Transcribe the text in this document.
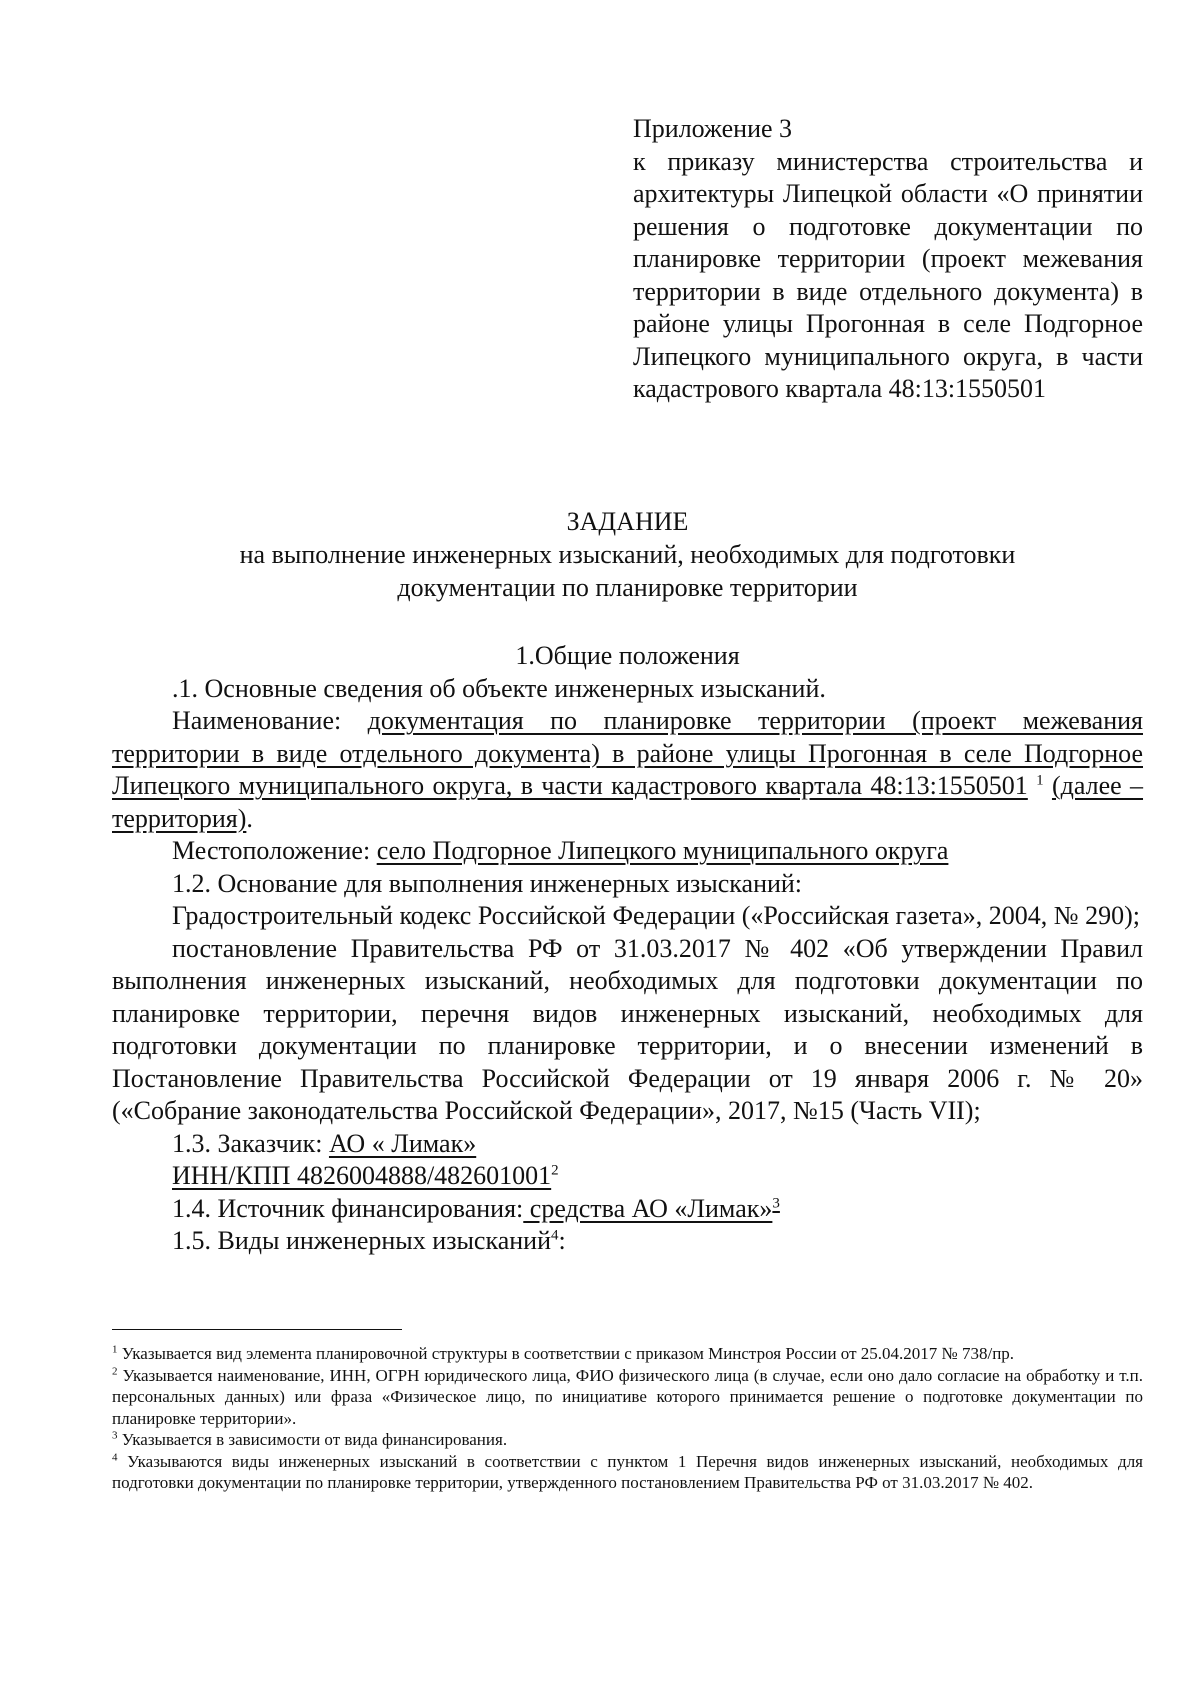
Приложение 3
к приказу министерства строительства и архитектуры Липецкой области «О принятии решения о подготовке документации по планировке территории (проект межевания территории в виде отдельного документа) в районе улицы Прогонная в селе Подгорное Липецкого муниципального округа, в части кадастрового квартала 48:13:1550501
ЗАДАНИЕ
на выполнение инженерных изысканий, необходимых для подготовки
документации по планировке территории

1.Общие положения

.1. Основные сведения об объекте инженерных изысканий.

Наименование: документация по планировке территории (проект межевания территории в виде отдельного документа) в районе улицы Прогонная в селе Подгорное Липецкого муниципального округа, в части кадастрового квартала 48:13:1550501 $^1$ (далее – территория).

Местоположение: село Подгорное Липецкого муниципального округа

1.2. Основание для выполнения инженерных изысканий:

Градостроительный кодекс Российской Федерации («Российская газета», 2004, № 290);

постановление Правительства РФ от 31.03.2017 № 402 «Об утверждении Правил выполнения инженерных изысканий, необходимых для подготовки документации по планировке территории, перечня видов инженерных изысканий, необходимых для подготовки документации по планировке территории, и о внесении изменений в Постановление Правительства Российской Федерации от 19 января 2006 г. № 20» («Собрание законодательства Российской Федерации», 2017, №15 (Часть VII);

1.3. Заказчик: АО « Лимак»

ИНН/КПП 4826004888/482601001$^2$

1.4. Источник финансирования: средства АО «Лимак»$^3$

1.5. Виды инженерных изысканий$^4$:

$^1$ Указывается вид элемента планировочной структуры в соответствии с приказом Минстроя России от 25.04.2017 № 738/пр.

$^2$ Указывается наименование, ИНН, ОГРН юридического лица, ФИО физического лица (в случае, если оно дало согласие на обработку и т.п. персональных данных) или фраза «Физическое лицо, по инициативе которого принимается решение о подготовке документации по планировке территории».

$^3$ Указывается в зависимости от вида финансирования.

$^4$ Указываются виды инженерных изысканий в соответствии с пунктом 1 Перечня видов инженерных изысканий, необходимых для подготовки документации по планировке территории, утвержденного постановлением Правительства РФ от 31.03.2017 № 402.
